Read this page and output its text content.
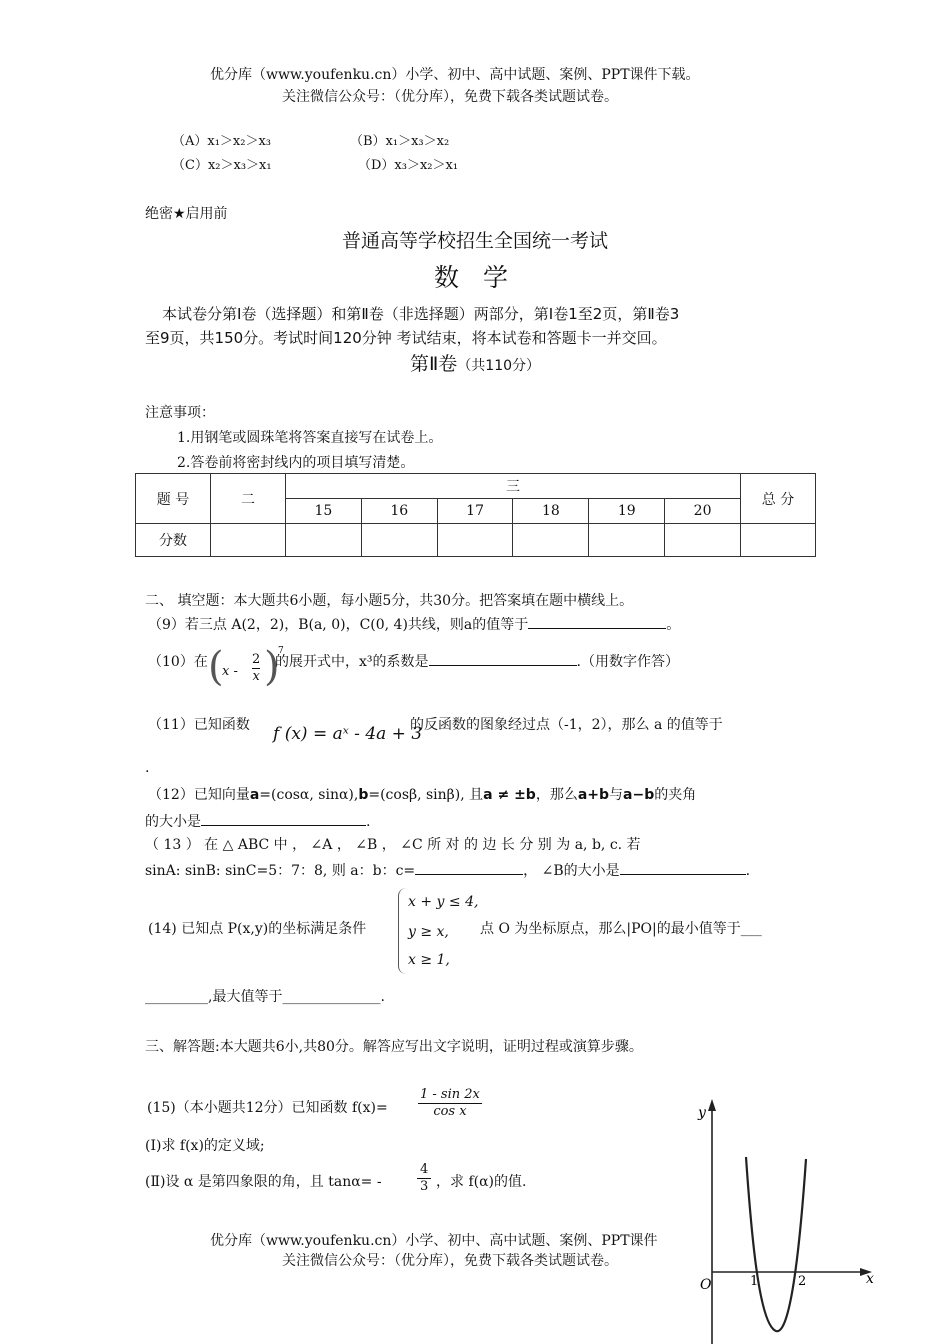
优分库（www.youfenku.cn）小学、初中、高中试题、案例、PPT课件下载。
关注微信公众号：（优分库），免费下载各类试题试卷。
（A）x₁＞x₂＞x₃	（B）x₁＞x₃＞x₂
（C）x₂＞x₃＞x₁	（D）x₃＞x₂＞x₁
绝密★启用前
普通高等学校招生全国统一考试
数 学
本试卷分第Ⅰ卷（选择题）和第Ⅱ卷（非选择题）两部分，第Ⅰ卷1至2页，第Ⅱ卷3
至9页，共150分。考试时间120分钟 考试结束，将本试卷和答题卡一并交回。
第Ⅱ卷（共110分）
注意事项：
1.用钢笔或圆珠笔将答案直接写在试卷上。
2.答卷前将密封线内的项目填写清楚。
题 号	二	三						总 分
		15	16	17	18	19	20	
分数								
二、 填空题：本大题共6小题，每小题5分，共30分。把答案填在题中横线上。
（9）若三点 A(2，2)，B(a, 0)，C(0, 4)共线，则a的值等于	。
（10）在 (
x - $\frac{2}{x}$ )
7
的展开式中，x³的系数是	.（用数字作答）
（11）已知函数 f (x) = aˣ - 4a + 3
的反函数的图象经过点（-1，2），那么 a 的值等于
.
（12）已知向量a=(cosα, sinα),b=(cosβ, sinβ), 且a ≠ ±b，那么a+b与a−b的夹角
的大小是	.
（ 13 ） 在 △ ABC 中 ， ∠A ， ∠B ， ∠C 所 对 的 边 长 分 别 为 a, b, c. 若
sinA: sinB: sinC=5：7：8, 则 a：b：c=	， ∠B的大小是	.
(14) 已知点 P(x,y)的坐标满足条件
x + y ≤ 4,
y ≥ x,
x ≥ 1,
点 O 为坐标原点，那么|PO|的最小值等于___
_________,最大值等于______________.
三、解答题:本大题共6小,共80分。解答应写出文字说明，证明过程或演算步骤。
(15)（本小题共12分）已知函数 $f(x)= \frac{1 - \sin 2x}{\text{cos x}}$
(Ⅰ)求 f(x)的定义域;
(Ⅱ)设 α 是第四象限的角，且 tanα= -	$\frac{4}{3}$ ，求 f(α)的值.
y
x
O	1	2
优分库（www.youfenku.cn）小学、初中、高中试题、案例、PPT课件
关注微信公众号：（优分库），免费下载各类试题试卷。
